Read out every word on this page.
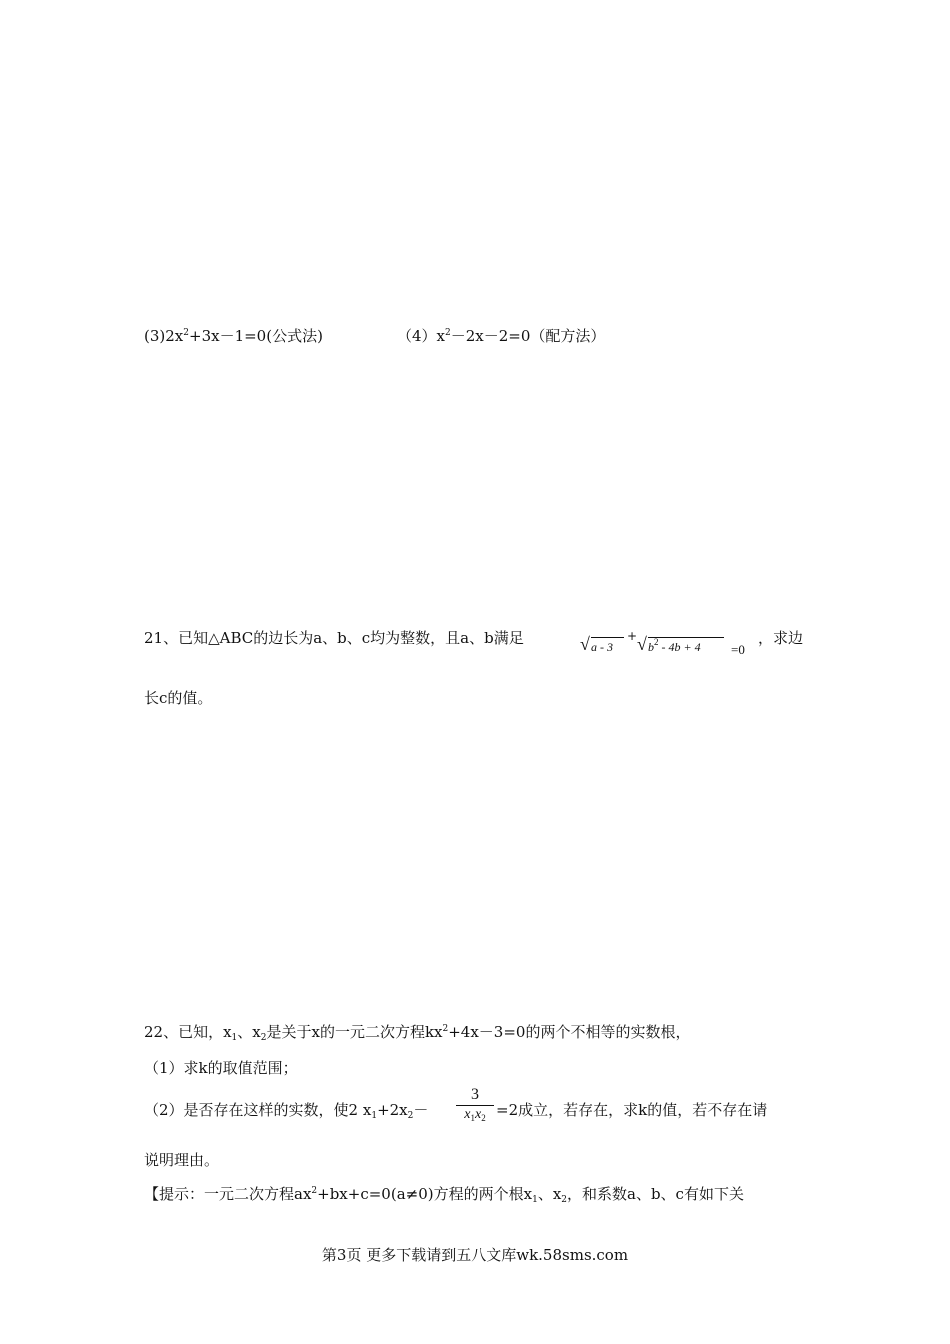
$(3)2x^2+3x-1=0$(公式法)	$(4)x^2-2x-2=0$（配方法）
21、已知△ABC的边长为a、b、c均为整数，且a、b满足	√ a - 3
+ √ $b^2 - 4b + 4$	=0
，求边
长c的值。
22、已知，$x_1$、$x_2$是关于x的一元二次方程$kx^2+4x-3=0$的两个不相等的实数根，
（1）求k的取值范围；
（2）是否存在这样的实数，使2 $x_1+2x_2-$
3
$x_1x_2 =2$成立，若存在，求k的值，若不存在请
说明理由。
【提示：一元二次方程$ax^2+bx+c=0(a\ne 0)$方程的两个根$x_1$、$x_2$，和系数a、b、c有如下关
第3页 更多下载请到五八文库wk.58sms.com
